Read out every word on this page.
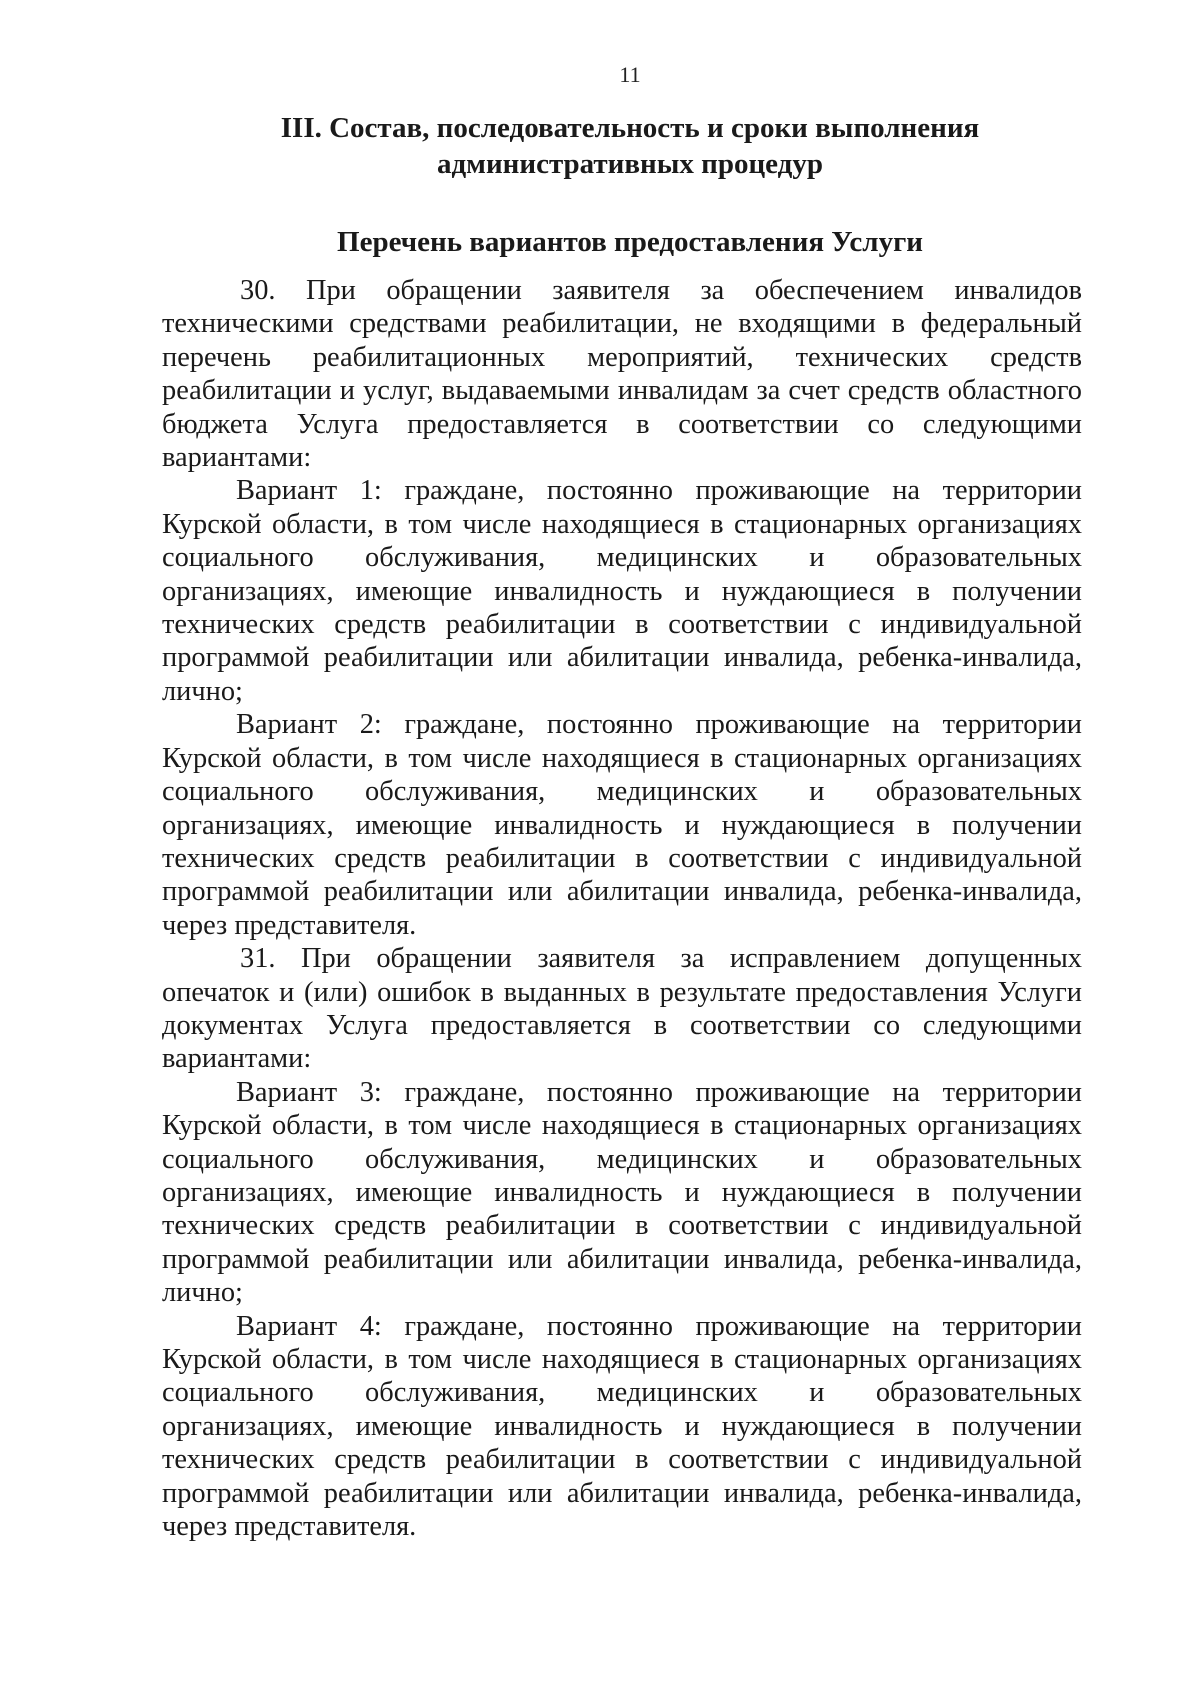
11
III. Состав, последовательность и сроки выполнения
административных процедур
Перечень вариантов предоставления Услуги

30. При обращении заявителя за обеспечением инвалидов техническими средствами реабилитации, не входящими в федеральный перечень реабилитационных мероприятий, технических средств реабилитации и услуг, выдаваемыми инвалидам за счет средств областного бюджета Услуга предоставляется в соответствии со следующими вариантами:

Вариант 1: граждане, постоянно проживающие на территории Курской области, в том числе находящиеся в стационарных организациях социального обслуживания, медицинских и образовательных организациях, имеющие инвалидность и нуждающиеся в получении технических средств реабилитации в соответствии с индивидуальной программой реабилитации или абилитации инвалида, ребенка-инвалида, лично;

Вариант 2: граждане, постоянно проживающие на территории Курской области, в том числе находящиеся в стационарных организациях социального обслуживания, медицинских и образовательных организациях, имеющие инвалидность и нуждающиеся в получении технических средств реабилитации в соответствии с индивидуальной программой реабилитации или абилитации инвалида, ребенка-инвалида, через представителя.

31. При обращении заявителя за исправлением допущенных опечаток и (или) ошибок в выданных в результате предоставления Услуги документах Услуга предоставляется в соответствии со следующими вариантами:

Вариант 3: граждане, постоянно проживающие на территории Курской области, в том числе находящиеся в стационарных организациях социального обслуживания, медицинских и образовательных организациях, имеющие инвалидность и нуждающиеся в получении технических средств реабилитации в соответствии с индивидуальной программой реабилитации или абилитации инвалида, ребенка-инвалида, лично;

Вариант 4: граждане, постоянно проживающие на территории Курской области, в том числе находящиеся в стационарных организациях социального обслуживания, медицинских и образовательных организациях, имеющие инвалидность и нуждающиеся в получении технических средств реабилитации в соответствии с индивидуальной программой реабилитации или абилитации инвалида, ребенка-инвалида, через представителя.
